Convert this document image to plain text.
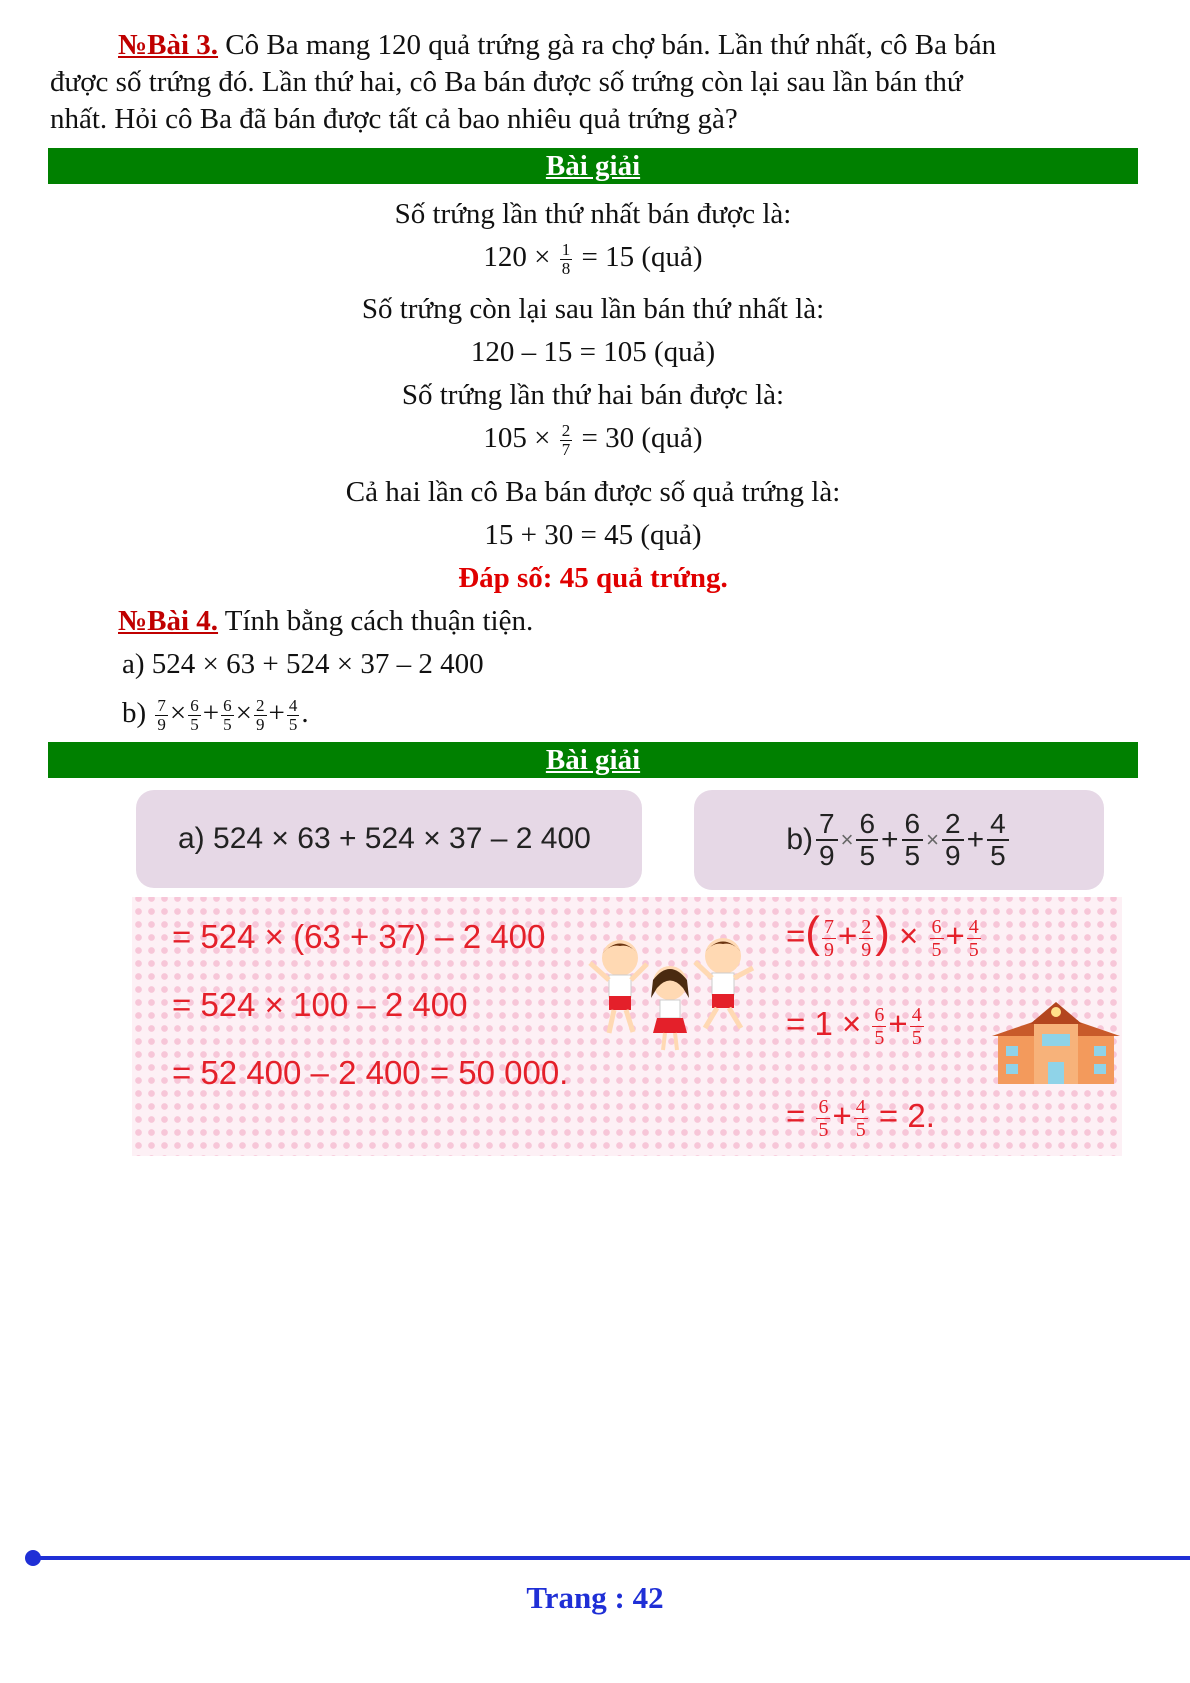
№Bài 3. Cô Ba mang 120 quả trứng gà ra chợ bán. Lần thứ nhất, cô Ba bán
được số trứng đó. Lần thứ hai, cô Ba bán được số trứng còn lại sau lần bán thứ
nhất. Hỏi cô Ba đã bán được tất cả bao nhiêu quả trứng gà?
Bài giải
Số trứng lần thứ nhất bán được là:
$120 \times \frac{1}{8} = 15$ (quả)
Số trứng còn lại sau lần bán thứ nhất là:
120 – 15 = 105 (quả)
Số trứng lần thứ hai bán được là:
$105 \times \frac{2}{7} = 30$ (quả)
Cả hai lần cô Ba bán được số quả trứng là:
15 + 30 = 45 (quả)
Đáp số: 45 quả trứng.
№Bài 4. Tính bằng cách thuận tiện.
a) 524 × 63 + 524 × 37 – 2 400
$b) \frac{7}{9} \times \frac{6}{5} + \frac{6}{5} \times \frac{2}{9} + \frac{4}{5}$ .
Bài giải
a) 524 × 63 + 524 × 37 – 2 400	$b) \frac{7}{9} \times \frac{6}{5} + \frac{6}{5} \times \frac{2}{9} + \frac{4}{5}$
= 524 × (63 + 37) – 2 400
= 524 × 100 – 2 400
= 52 400 – 2 400 = 50 000.
=( $\frac{7}{9} + \frac{2}{9}$ ) × $\frac{6}{5} + \frac{4}{5}$
= $1 \times \frac{6}{5} + \frac{4}{5}$
= $\frac{6}{5} + \frac{4}{5} = 2$.
Trang : 42
